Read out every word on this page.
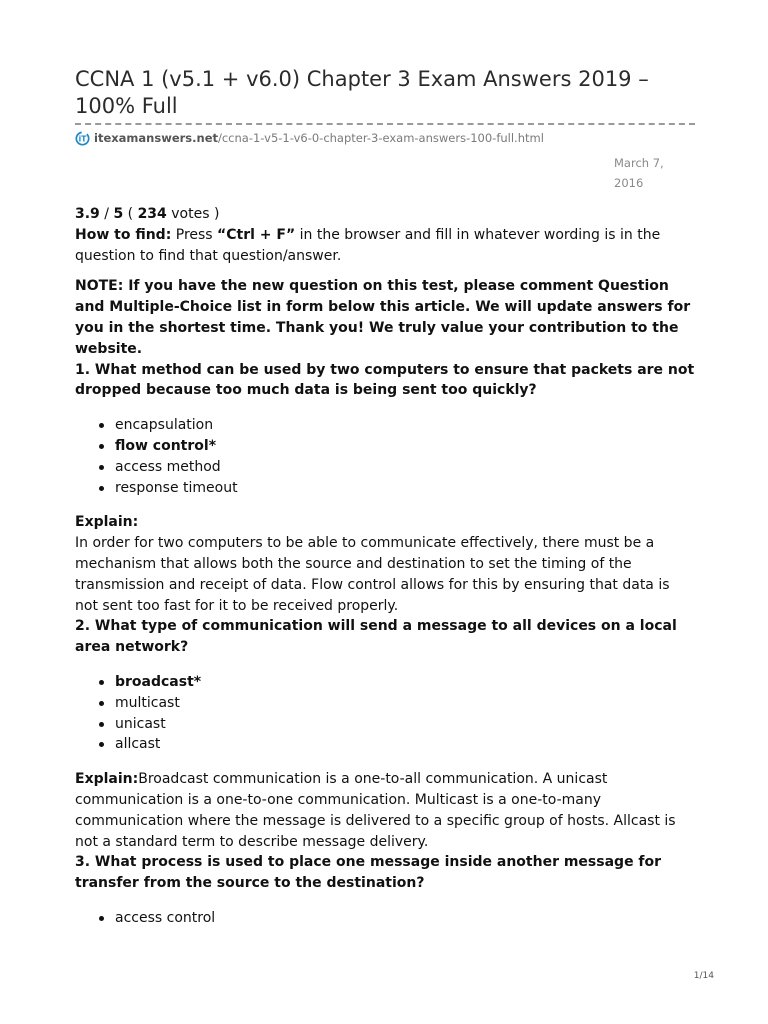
CCNA 1 (v5.1 + v6.0) Chapter 3 Exam Answers 2019 – 100% Full
iT itexamanswers.net /ccna-1-v5-1-v6-0-chapter-3-exam-answers-100-full.html
March 7, 2016

3.9 / 5 ( 234 votes )

How to find: Press “Ctrl + F” in the browser and fill in whatever wording is in the question to find that question/answer.

NOTE: If you have the new question on this test, please comment Question and Multiple-Choice list in form below this article. We will update answers for you in the shortest time. Thank you! We truly value your contribution to the website.

1. What method can be used by two computers to ensure that packets are not dropped because too much data is being sent too quickly?

encapsulation
flow control*
access method
response timeout

Explain:

In order for two computers to be able to communicate effectively, there must be a mechanism that allows both the source and destination to set the timing of the transmission and receipt of data. Flow control allows for this by ensuring that data is not sent too fast for it to be received properly.

2. What type of communication will send a message to all devices on a local area network?

broadcast*
multicast
unicast
allcast

Explain:Broadcast communication is a one-to-all communication. A unicast communication is a one-to-one communication. Multicast is a one-to-many communication where the message is delivered to a specific group of hosts. Allcast is not a standard term to describe message delivery.

3. What process is used to place one message inside another message for transfer from the source to the destination?

access control
1/14
